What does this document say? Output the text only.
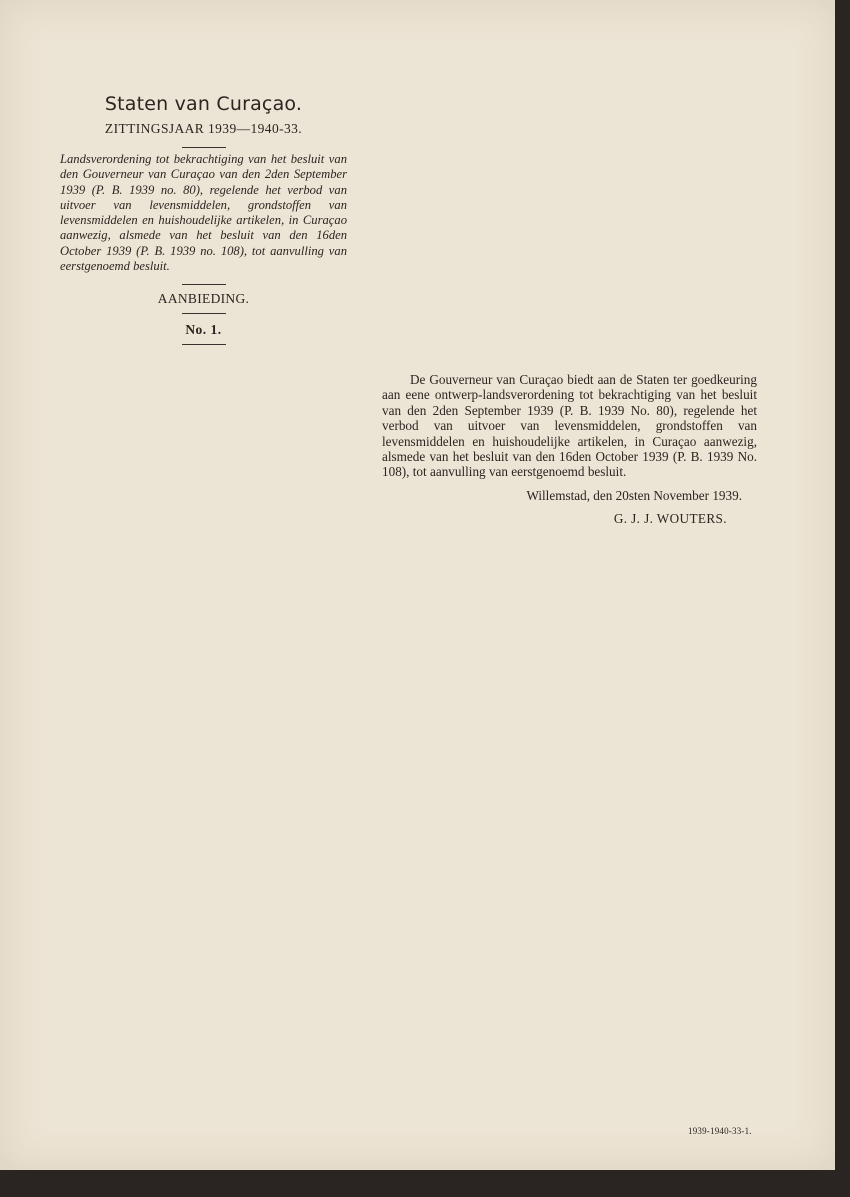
Staten van Curaçao.
ZITTINGSJAAR 1939—1940-33.

Landsverordening tot bekrachtiging van het besluit van den Gouverneur van Curaçao van den 2den September 1939 (P. B. 1939 no. 80), regelende het verbod van uitvoer van levensmiddelen, grondstoffen van levensmiddelen en huishoudelijke artikelen, in Curaçao aanwezig, alsmede van het besluit van den 16den October 1939 (P. B. 1939 no. 108), tot aanvulling van eerstgenoemd besluit.

AANBIEDING.
No. 1.

De Gouverneur van Curaçao biedt aan de Staten ter goedkeuring aan eene ontwerp-landsverordening tot bekrachtiging van het besluit van den 2den September 1939 (P. B. 1939 No. 80), regelende het verbod van uitvoer van levensmiddelen, grondstoffen van levensmiddelen en huishoudelijke artikelen, in Curaçao aanwezig, alsmede van het besluit van den 16den October 1939 (P. B. 1939 No. 108), tot aanvulling van eerstgenoemd besluit.

Willemstad, den 20sten November 1939.
G. J. J. WOUTERS.
1939-1940-33-1.
